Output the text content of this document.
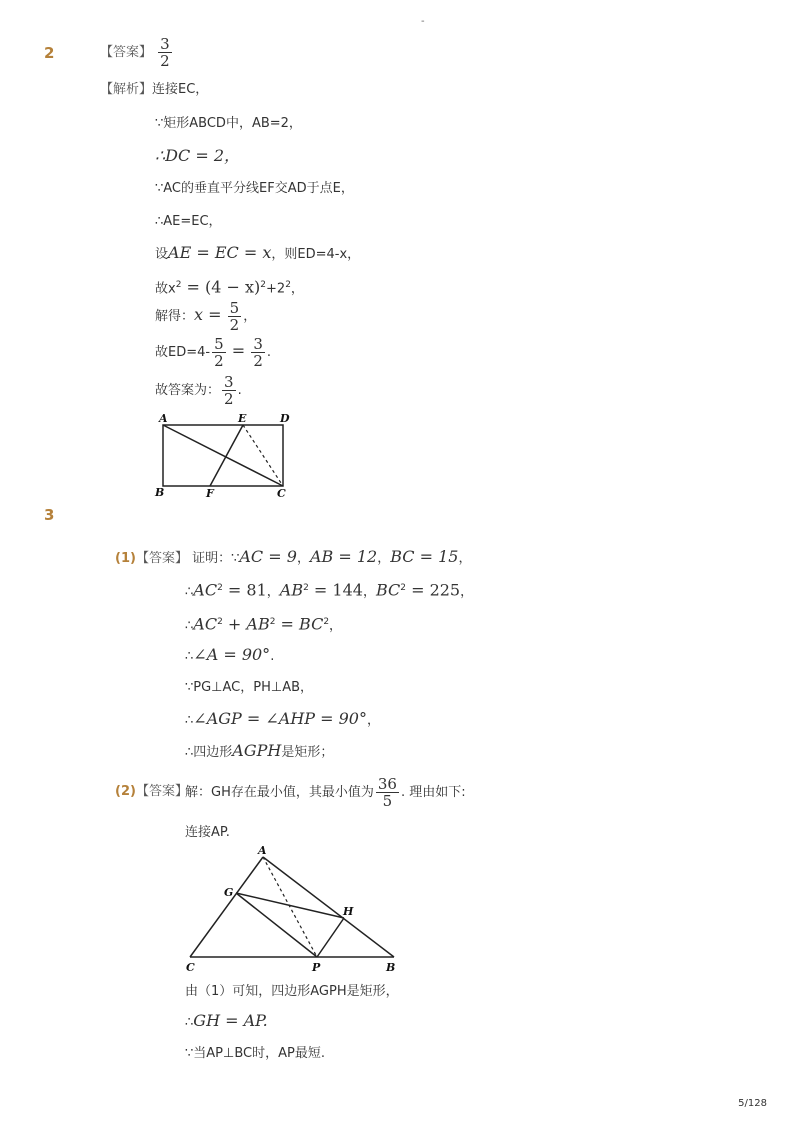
-
2	【答案】 $\frac{3}{2}$
【解析】连接EC，
∵矩形ABCD中，AB=2，
∴DC = 2，
∵AC的垂直平分线EF交AD于点E，
∴AE=EC，
设AE = EC = x，则ED=4-x，
故$x^2 = (4 - x)^2+2^2$，
解得：$x = \frac{5}{2}$ ，
故$ED=4- \frac{5}{2} = \frac{3}{2}$ .
故答案为： $\frac{3}{2}$ .
A	E	D
B	F	C
3
(1)【答案】 证明：∵AC = 9，AB = 12，BC = 15，
$\therefore AC^2 = 81$，$AB^2 = 144$，$BC^2 = 225$，
$\therefore AC^2 + AB^2 = BC^2$，
∴∠A = 90°.
∵PG⊥AC，PH⊥AB，
∴∠AGP = ∠AHP = 90°，
∴四边形AGPH是矩形；
(2)【答案】
解：GH存在最小值，其最小值为 $\frac{36}{5}$ . 理由如下:
连接AP.
A
G
H
C	P	B
由（1）可知，四边形AGPH是矩形，
∴GH = AP.
∵当AP⊥BC时，AP最短.
5/128
